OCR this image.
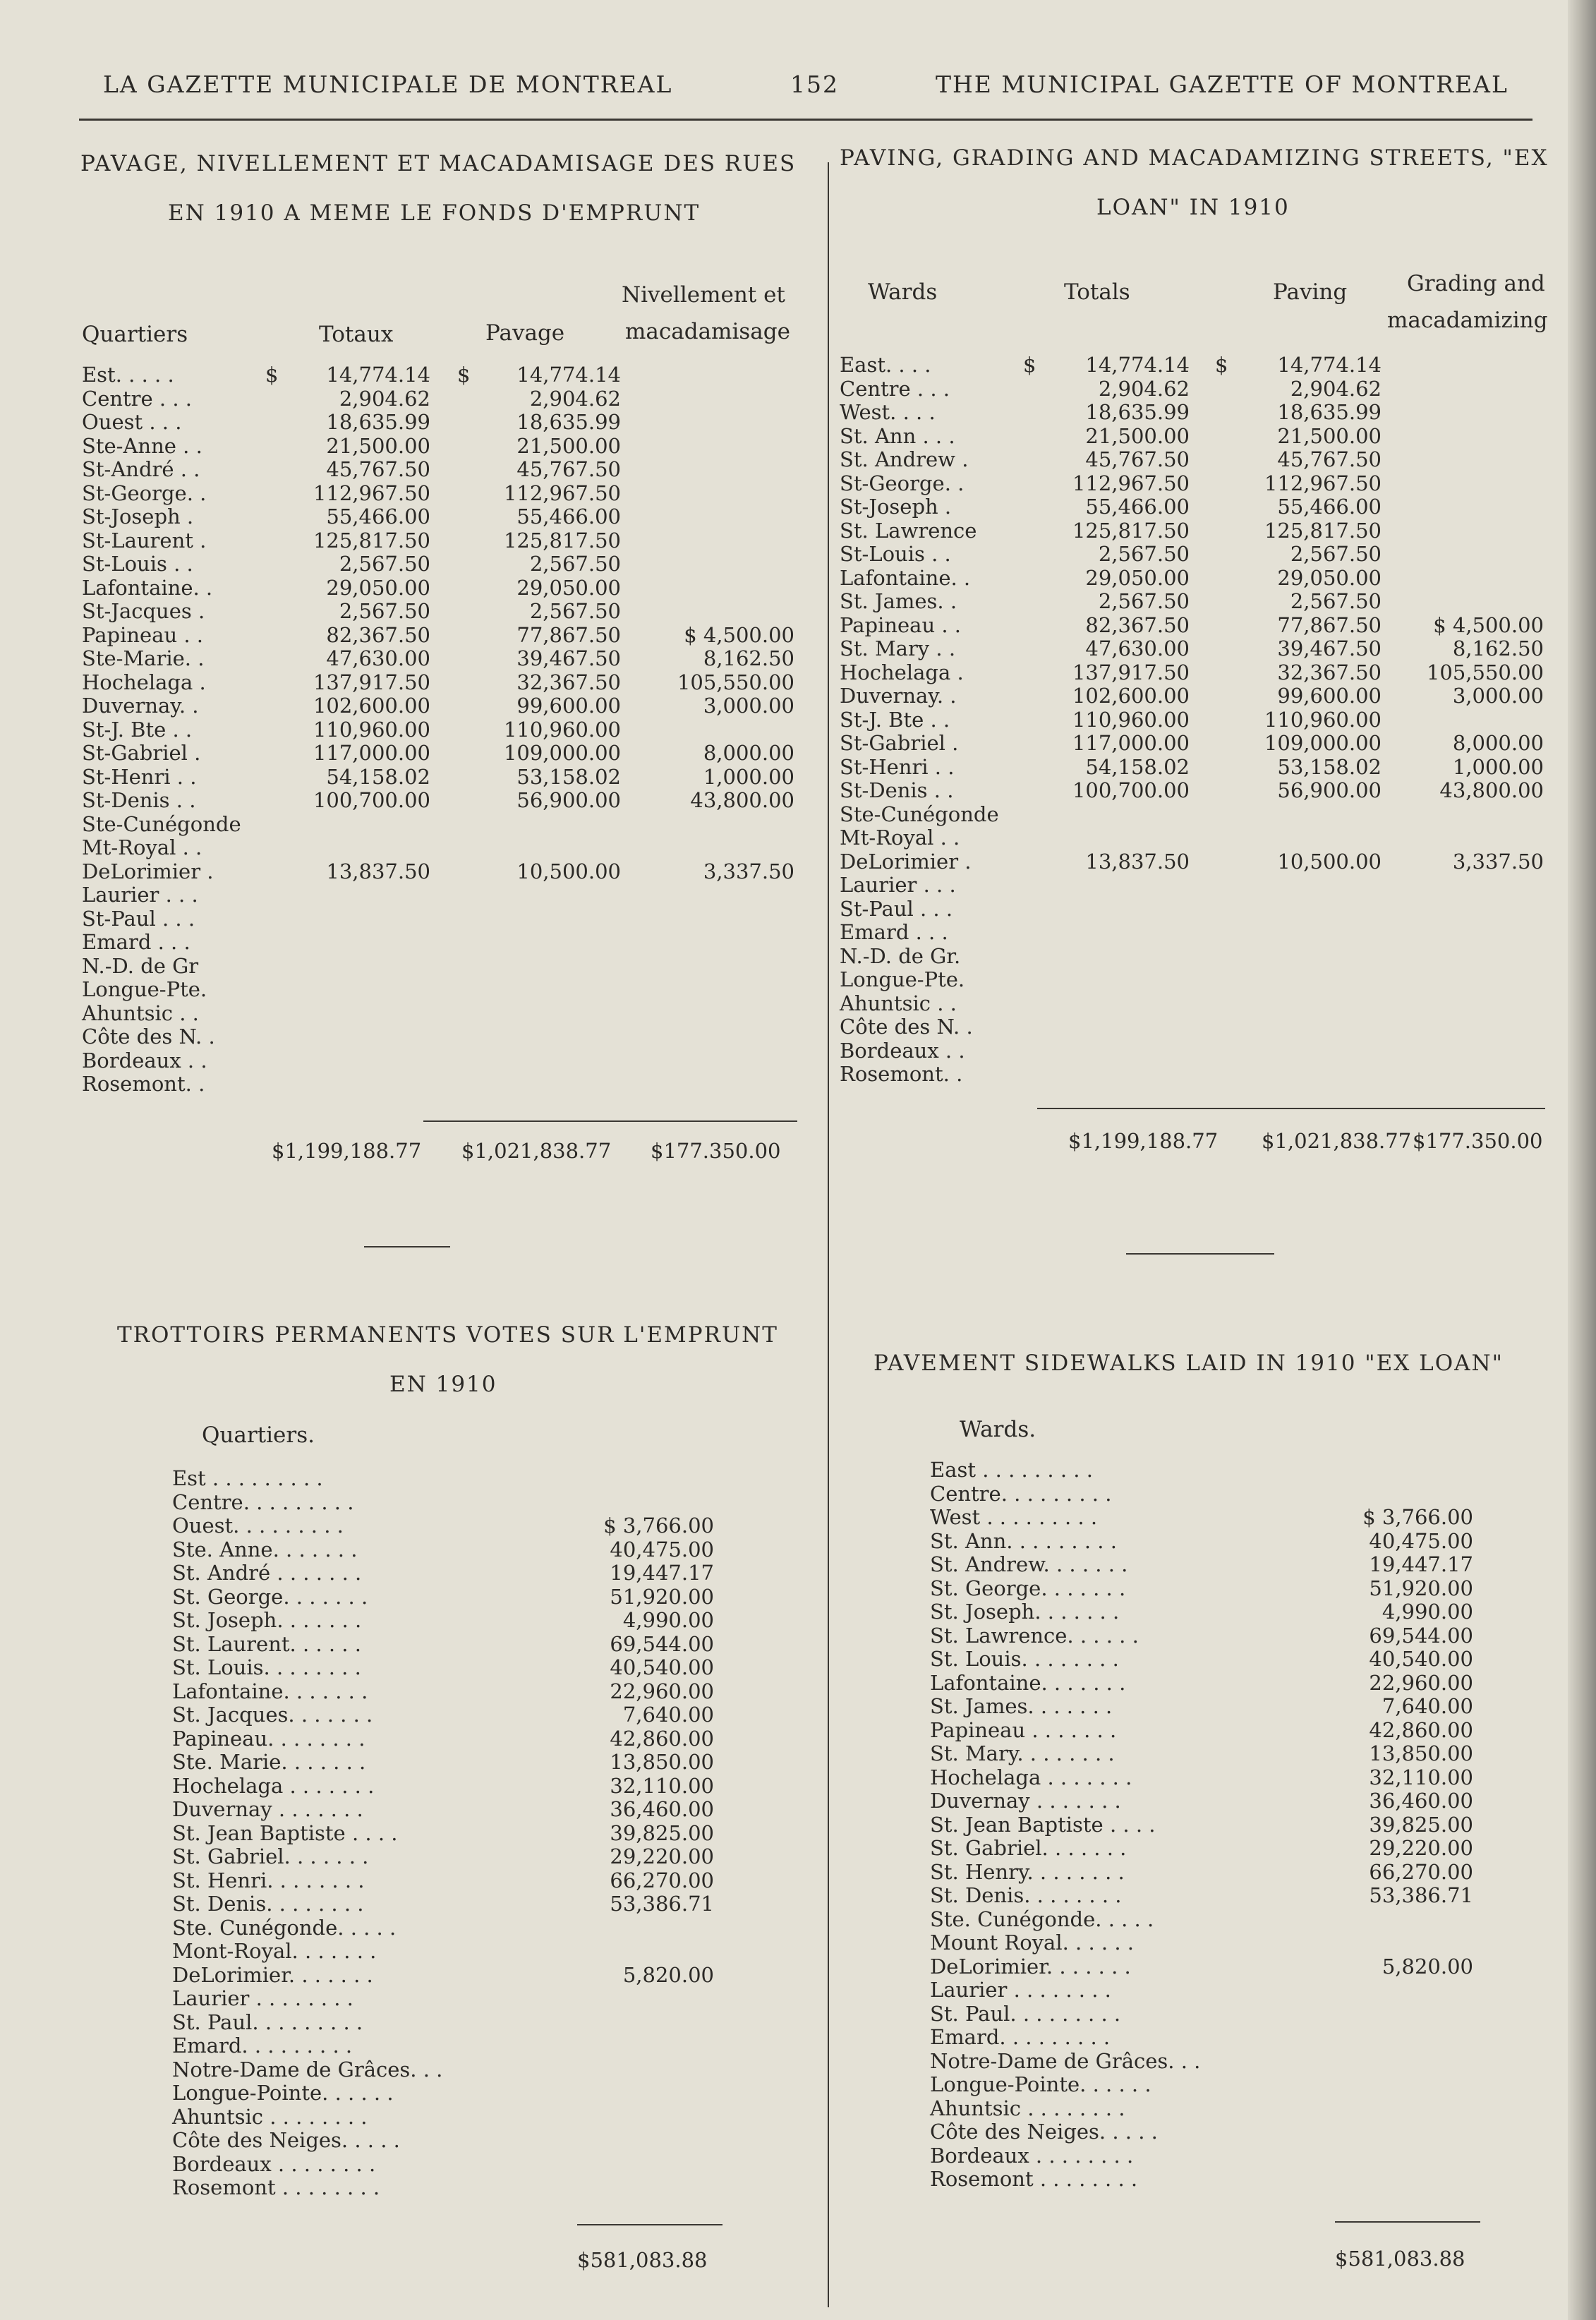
LA GAZETTE MUNICIPALE DE MONTREAL	152	THE MUNICIPAL GAZETTE OF MONTREAL
PAVAGE, NIVELLEMENT ET MACADAMISAGE DES RUES
EN 1910 A MEME LE FONDS D'EMPRUNT
Nivellement et
Quartiers	Totaux	Pavage	macadamisage
Est. . . . .	$	14,774.14 $	14,774.14
Centre . . .	2,904.62	2,904.62
Ouest . . .	18,635.99	18,635.99
Ste-Anne . .	21,500.00	21,500.00
St-André . .	45,767.50	45,767.50
St-George. .	112,967.50	112,967.50
St-Joseph .	55,466.00	55,466.00
St-Laurent .	125,817.50	125,817.50
St-Louis . .	2,567.50	2,567.50
Lafontaine. .	29,050.00	29,050.00
St-Jacques .	2,567.50	2,567.50
Papineau . .	82,367.50	77,867.50	$ 4,500.00
Ste-Marie. .	47,630.00	39,467.50	8,162.50
Hochelaga .	137,917.50	32,367.50	105,550.00
Duvernay. .	102,600.00	99,600.00	3,000.00
St-J. Bte . .	110,960.00	110,960.00
St-Gabriel .	117,000.00	109,000.00	8,000.00
St-Henri . .	54,158.02	53,158.02	1,000.00
St-Denis . .	100,700.00	56,900.00	43,800.00
Ste-Cunégonde
Mt-Royal . .
DeLorimier .	13,837.50	10,500.00	3,337.50
Laurier . . .
St-Paul . . .
Emard . . .
N.-D. de Gr
Longue-Pte.
Ahuntsic . .
Côte des N. .
Bordeaux . .
Rosemont. .
$1,199,188.77 $1,021,838.77 $177.350.00
PAVING, GRADING AND MACADAMIZING STREETS, "EX
LOAN" IN 1910
Wards	Totals	Paving	Grading and
macadamizing
East. . . .	$	14,774.14 $	14,774.14
Centre . . .	2,904.62	2,904.62
West. . . .	18,635.99	18,635.99
St. Ann . . .	21,500.00	21,500.00
St. Andrew .	45,767.50	45,767.50
St-George. .	112,967.50	112,967.50
St-Joseph .	55,466.00	55,466.00
St. Lawrence	125,817.50	125,817.50
St-Louis . .	2,567.50	2,567.50
Lafontaine. .	29,050.00	29,050.00
St. James. .	2,567.50	2,567.50
Papineau . .	82,367.50	77,867.50	$ 4,500.00
St. Mary . .	47,630.00	39,467.50	8,162.50
Hochelaga .	137,917.50	32,367.50	105,550.00
Duvernay. .	102,600.00	99,600.00	3,000.00
St-J. Bte . .	110,960.00	110,960.00
St-Gabriel .	117,000.00	109,000.00	8,000.00
St-Henri . .	54,158.02	53,158.02	1,000.00
St-Denis . .	100,700.00	56,900.00	43,800.00
Ste-Cunégonde
Mt-Royal . .
DeLorimier .	13,837.50	10,500.00	3,337.50
Laurier . . .
St-Paul . . .
Emard . . .
N.-D. de Gr.
Longue-Pte.
Ahuntsic . .
Côte des N. .
Bordeaux . .
Rosemont. .
$1,199,188.77 $1,021,838.77 $177.350.00
TROTTOIRS PERMANENTS VOTES SUR L'EMPRUNT
EN 1910
Quartiers.
Est . . . . . . . . .
Centre. . . . . . . . .
Ouest. . . . . . . . .	$ 3,766.00
Ste. Anne. . . . . . .	40,475.00
St. André . . . . . . .	19,447.17
St. George. . . . . . .	51,920.00
St. Joseph. . . . . . .	4,990.00
St. Laurent. . . . . .	69,544.00
St. Louis. . . . . . . .	40,540.00
Lafontaine. . . . . . .	22,960.00
St. Jacques. . . . . . .	7,640.00
Papineau. . . . . . . .	42,860.00
Ste. Marie. . . . . . .	13,850.00
Hochelaga . . . . . . .	32,110.00
Duvernay . . . . . . .	36,460.00
St. Jean Baptiste . . . .	39,825.00
St. Gabriel. . . . . . .	29,220.00
St. Henri. . . . . . . .	66,270.00
St. Denis. . . . . . . .	53,386.71
Ste. Cunégonde. . . . .
Mont-Royal. . . . . . .
DeLorimier. . . . . . .	5,820.00
Laurier . . . . . . . .
St. Paul. . . . . . . . .
Emard. . . . . . . . .
Notre-Dame de Grâces. . .
Longue-Pointe. . . . . .
Ahuntsic . . . . . . . .
Côte des Neiges. . . . .
Bordeaux . . . . . . . .
Rosemont . . . . . . . .
$581,083.88
PAVEMENT SIDEWALKS LAID IN 1910 "EX LOAN"
Wards.
East . . . . . . . . .
Centre. . . . . . . . .
West . . . . . . . . .	$ 3,766.00
St. Ann. . . . . . . . .	40,475.00
St. Andrew. . . . . . .	19,447.17
St. George. . . . . . .	51,920.00
St. Joseph. . . . . . .	4,990.00
St. Lawrence. . . . . .	69,544.00
St. Louis. . . . . . . .	40,540.00
Lafontaine. . . . . . .	22,960.00
St. James. . . . . . .	7,640.00
Papineau . . . . . . .	42,860.00
St. Mary. . . . . . . .	13,850.00
Hochelaga . . . . . . .	32,110.00
Duvernay . . . . . . .	36,460.00
St. Jean Baptiste . . . .	39,825.00
St. Gabriel. . . . . . .	29,220.00
St. Henry. . . . . . . .	66,270.00
St. Denis. . . . . . . .	53,386.71
Ste. Cunégonde. . . . .
Mount Royal. . . . . .
DeLorimier. . . . . . .	5,820.00
Laurier . . . . . . . .
St. Paul. . . . . . . . .
Emard. . . . . . . . .
Notre-Dame de Grâces. . .
Longue-Pointe. . . . . .
Ahuntsic . . . . . . . .
Côte des Neiges. . . . .
Bordeaux . . . . . . . .
Rosemont . . . . . . . .
$581,083.88
